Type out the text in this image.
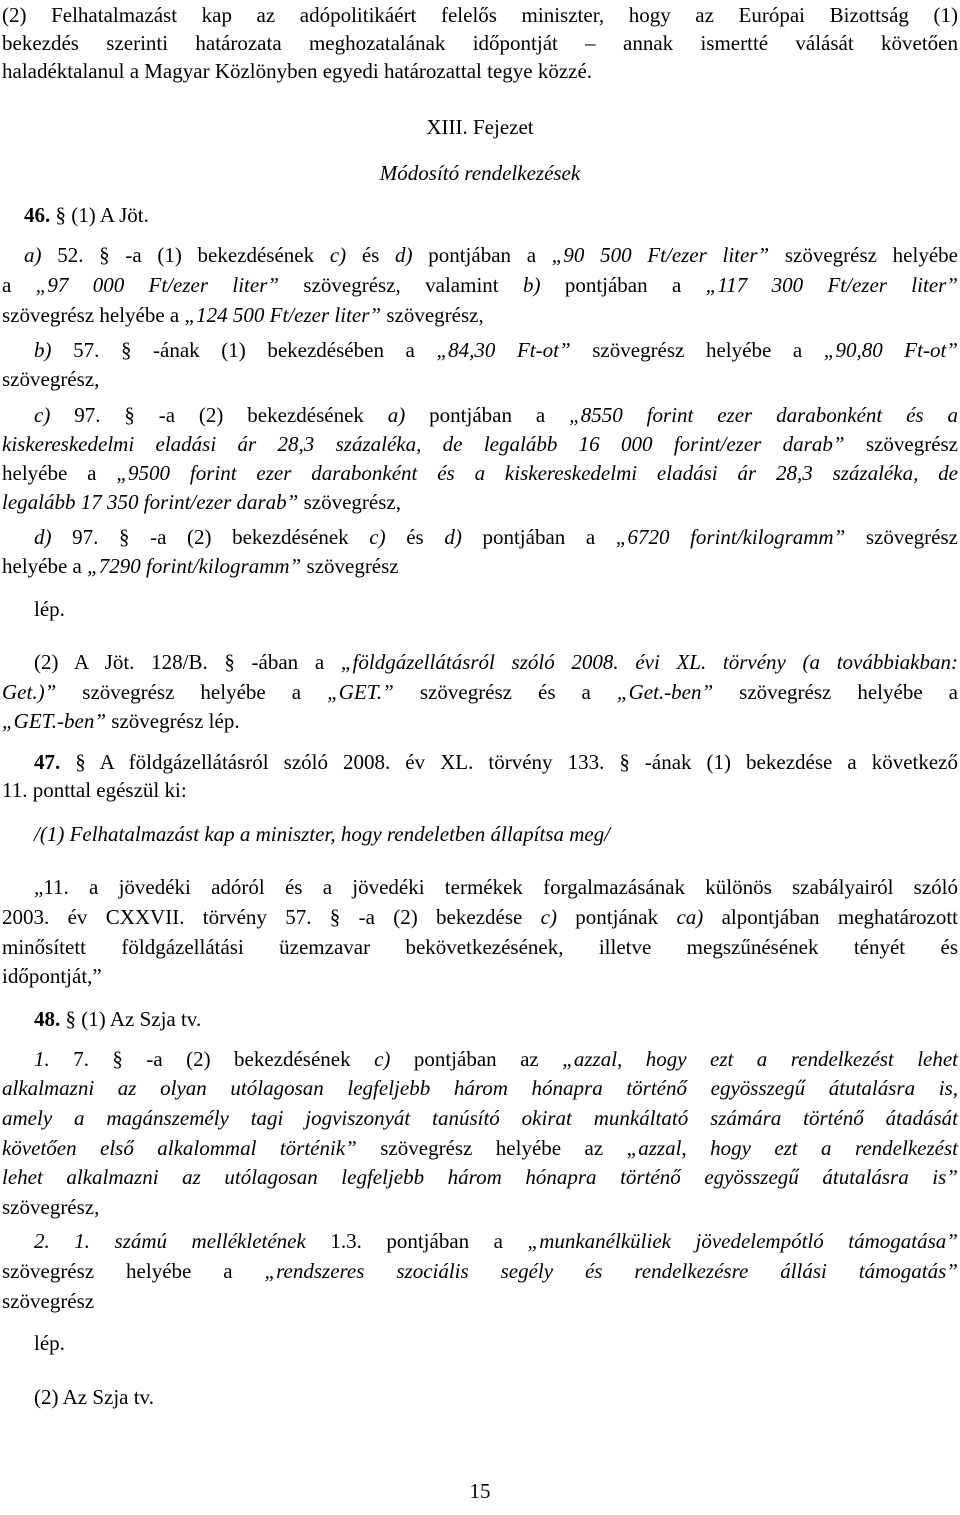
(2) Felhatalmazást kap az adópolitikáért felelős miniszter, hogy az Európai Bizottság (1)

bekezdés szerinti határozata meghozatalának időpontját – annak ismertté válását követően

haladéktalanul a Magyar Közlönyben egyedi határozattal tegye közzé.

XIII. Fejezet

Módosító rendelkezések

46. § (1) A Jöt.

a) 52. § -a (1) bekezdésének c) és d) pontjában a „90 500 Ft/ezer liter” szövegrész helyébe

a „97 000 Ft/ezer liter” szövegrész, valamint b) pontjában a „117 300 Ft/ezer liter”

szövegrész helyébe a „124 500 Ft/ezer liter” szövegrész,

b) 57. § -ának (1) bekezdésében a „84,30 Ft-ot” szövegrész helyébe a „90,80 Ft-ot”

szövegrész,

c) 97. § -a (2) bekezdésének a) pontjában a „8550 forint ezer darabonként és a

kiskereskedelmi eladási ár 28,3 százaléka, de legalább 16 000 forint/ezer darab” szövegrész

helyébe a „9500 forint ezer darabonként és a kiskereskedelmi eladási ár 28,3 százaléka, de

legalább 17 350 forint/ezer darab” szövegrész,

d) 97. § -a (2) bekezdésének c) és d) pontjában a „6720 forint/kilogramm” szövegrész

helyébe a „7290 forint/kilogramm” szövegrész

lép.

(2) A Jöt. 128/B. § -ában a „földgázellátásról szóló 2008. évi XL. törvény (a továbbiakban:

Get.)” szövegrész helyébe a „GET.” szövegrész és a „Get.-ben” szövegrész helyébe a

„GET.-ben” szövegrész lép.

47. § A földgázellátásról szóló 2008. év XL. törvény 133. § -ának (1) bekezdése a következő

11. ponttal egészül ki:

/(1) Felhatalmazást kap a miniszter, hogy rendeletben állapítsa meg/

„11. a jövedéki adóról és a jövedéki termékek forgalmazásának különös szabályairól szóló

2003. év CXXVII. törvény 57. § -a (2) bekezdése c) pontjának ca) alpontjában meghatározott

minősített földgázellátási üzemzavar bekövetkezésének, illetve megszűnésének tényét és

időpontját,”

48. § (1) Az Szja tv.

1. 7. § -a (2) bekezdésének c) pontjában az „azzal, hogy ezt a rendelkezést lehet

alkalmazni az olyan utólagosan legfeljebb három hónapra történő egyösszegű átutalásra is,

amely a magánszemély tagi jogviszonyát tanúsító okirat munkáltató számára történő átadását

követően első alkalommal történik” szövegrész helyébe az „azzal, hogy ezt a rendelkezést

lehet alkalmazni az utólagosan legfeljebb három hónapra történő egyösszegű átutalásra is”

szövegrész,

2. 1. számú mellékletének 1.3. pontjában a „munkanélküliek jövedelempótló támogatása”

szövegrész helyébe a „rendszeres szociális segély és rendelkezésre állási támogatás”

szövegrész

lép.

(2) Az Szja tv.

15
